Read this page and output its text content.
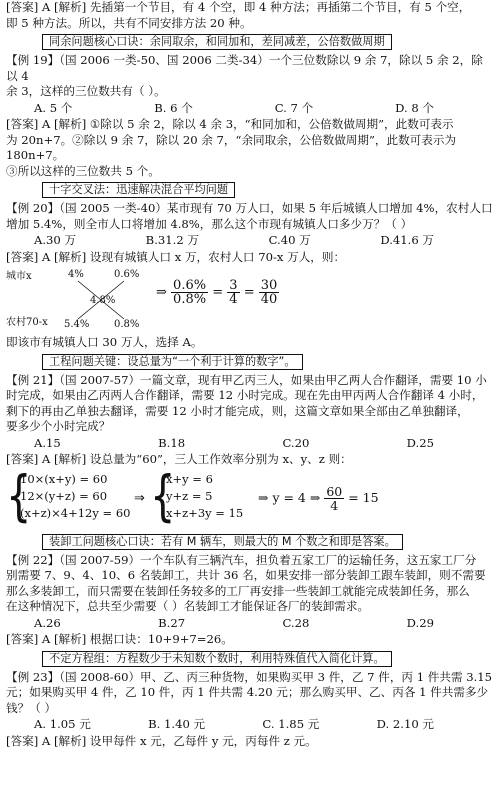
[答案] A [解析] 先插第一个节目，有 4 个空，即 4 种方法；再插第二个节目，有 5 个空，

即 5 种方法。所以，共有不同安排方法 20 种。

同余问题核心口诀：余同取余，和同加和，差同减差，公倍数做周期

【例 19】（国 2006 一类-50、国 2006 二类-34）一个三位数除以 9 余 7，除以 5 余 2，除以 4

余 3，这样的三位数共有（ ）。

A. 5 个	B. 6 个	C. 7 个	D. 8 个

[答案] A [解析] ①除以 5 余 2，除以 4 余 3，“和同加和，公倍数做周期”，此数可表示

为 20n+7。②除以 9 余 7，除以 20 余 7，“余同取余，公倍数做周期”，此数可表示为 180n+7。

③所以这样的三位数共 5 个。

十字交叉法：迅速解决混合平均问题

【例 20】（国 2005 一类-40）某市现有 70 万人口，如果 5 年后城镇人口增加 4%，农村人口

增加 5.4%，则全市人口将增加 4.8%，那么这个市现有城镇人口多少万？（ ）

A.30 万	B.31.2 万	C.40 万	D.41.6 万

[答案] A [解析] 设现有城镇人口 x 万，农村人口 70-x 万人，则：

城市x
农村70-x
4%	0.6%
4.8%
5.4% 0.8%
⇒ $\frac{0.6\%}{0.8\%} = \frac{3}{4} = \frac{30}{40}$

即该市有城镇人口 30 万人，选择 A。

工程问题关键：设总量为“一个利于计算的数字”。

【例 21】（国 2007-57）一篇文章，现有甲乙丙三人，如果由甲乙两人合作翻译，需要 10 小

时完成，如果由乙丙两人合作翻译，需要 12 小时完成。现在先由甲丙两人合作翻译 4 小时，

剩下的再由乙单独去翻译，需要 12 小时才能完成，则，这篇文章如果全部由乙单独翻译，

要多少个小时完成？

A.15	B.18	C.20	D.25

[答案] A [解析] 设总量为“60”，三人工作效率分别为 x、y、z 则：

{
10×(x+y) = 60
12×(y+z) = 60
(x+z)×4+12y = 60
⇒ {
x+y = 6
y+z = 5
x+z+3y = 15
⇒ y = 4 ⇒ $\frac{60}{4} = 15$
装卸工问题核心口诀：若有 M 辆车，则最大的 M 个数之和即是答案。

【例 22】（国 2007-59）一个车队有三辆汽车，担负着五家工厂的运输任务，这五家工厂分

别需要 7、9、4、10、6 名装卸工，共计 36 名，如果安排一部分装卸工跟车装卸，则不需要

那么多装卸工，而只需要在装卸任务较多的工厂再安排一些装卸工就能完成装卸任务，那么

在这种情况下，总共至少需要（ ）名装卸工才能保证各厂的装卸需求。

A.26	B.27	C.28	D.29

[答案] A [解析] 根据口诀：10+9+7=26。

不定方程组：方程数少于未知数个数时，利用特殊值代入简化计算。

【例 23】（国 2008-60）甲、乙、丙三种货物，如果购买甲 3 件，乙 7 件，丙 1 件共需 3.15

元；如果购买甲 4 件，乙 10 件，丙 1 件共需 4.20 元；那么购买甲、乙、丙各 1 件共需多少

钱？（ ）

A. 1.05 元	B. 1.40 元	C. 1.85 元	D. 2.10 元

[答案] A [解析] 设甲每件 x 元，乙每件 y 元，丙每件 z 元。
